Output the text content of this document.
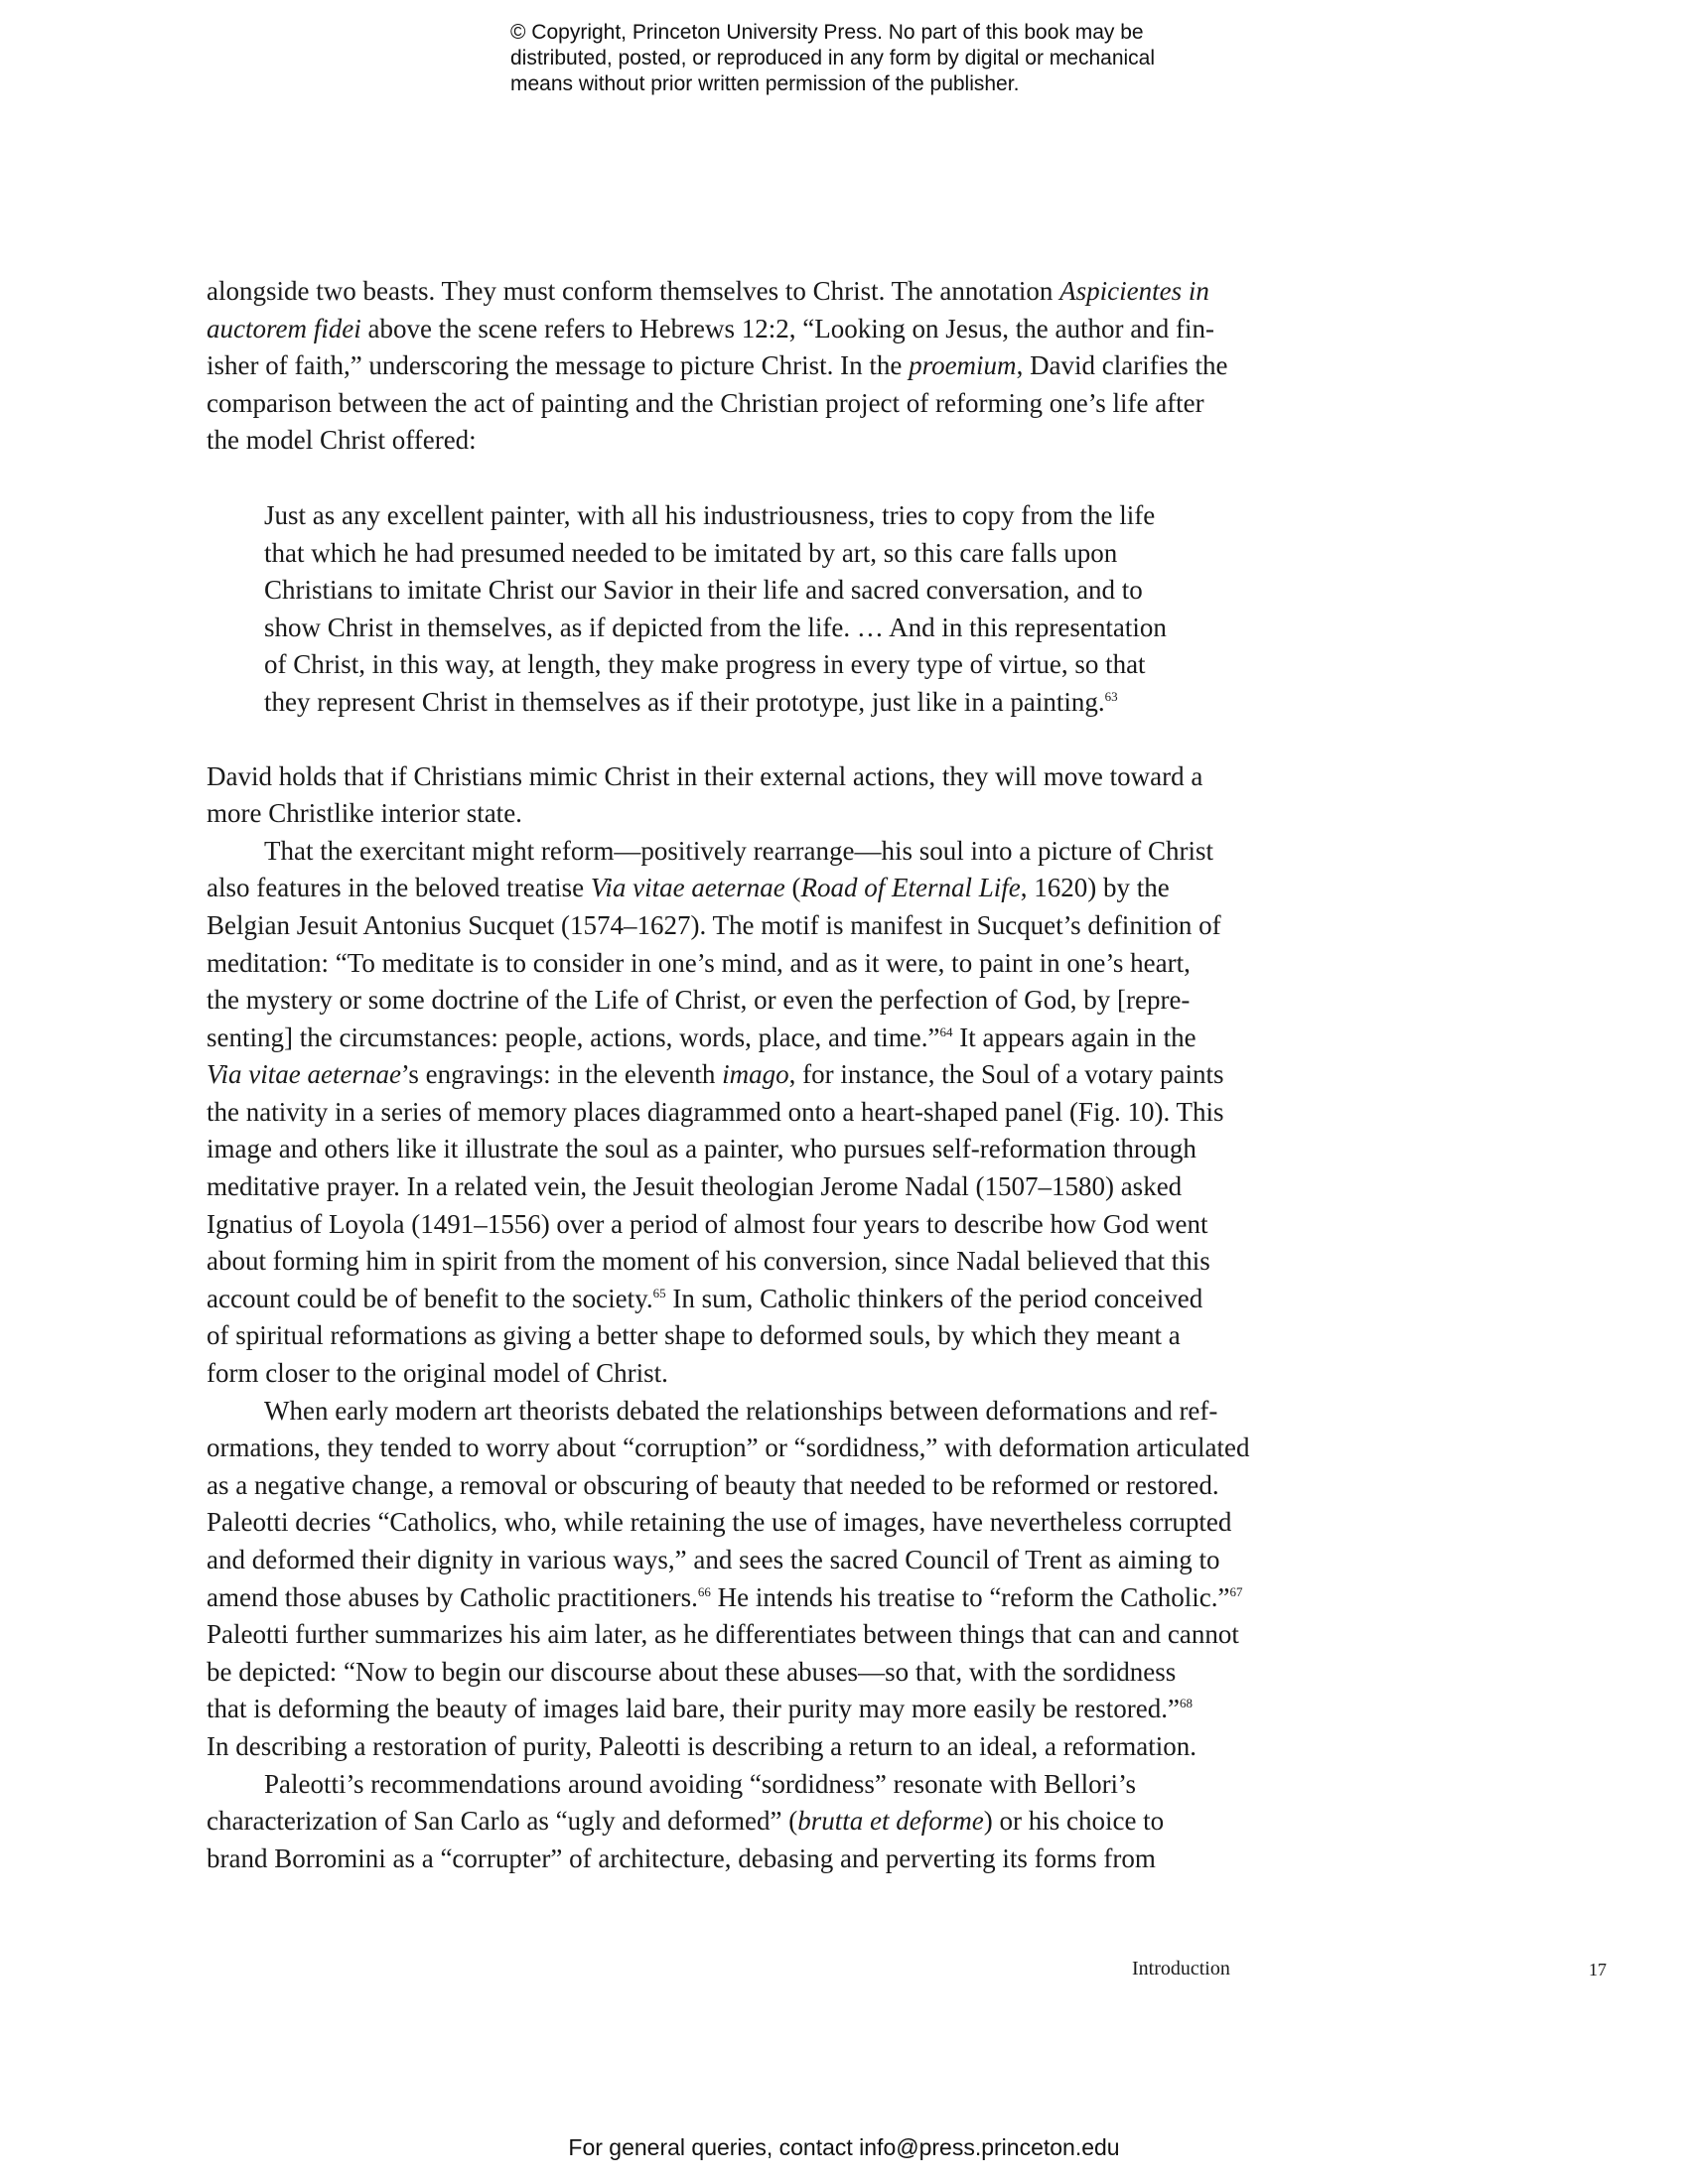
© Copyright, Princeton University Press. No part of this book may be
distributed, posted, or reproduced in any form by digital or mechanical
means without prior written permission of the publisher.
alongside two beasts. They must conform themselves to Christ. The annotation Aspicientes in
auctorem fidei above the scene refers to Hebrews 12:2, “Looking on Jesus, the author and fin-
isher of faith,” underscoring the message to picture Christ. In the proemium, David clarifies the
comparison between the act of painting and the Christian project of reforming one’s life after
the model Christ offered:
Just as any excellent painter, with all his industriousness, tries to copy from the life
that which he had presumed needed to be imitated by art, so this care falls upon
Christians to imitate Christ our Savior in their life and sacred conversation, and to
show Christ in themselves, as if depicted from the life. … And in this representation
of Christ, in this way, at length, they make progress in every type of virtue, so that
they represent Christ in themselves as if their prototype, just like in a painting.$^{63}$
David holds that if Christians mimic Christ in their external actions, they will move toward a
more Christlike interior state.
That the exercitant might reform—positively rearrange—his soul into a picture of Christ
also features in the beloved treatise Via vitae aeternae (Road of Eternal Life, 1620) by the
Belgian Jesuit Antonius Sucquet (1574–1627). The motif is manifest in Sucquet’s definition of
meditation: “To meditate is to consider in one’s mind, and as it were, to paint in one’s heart,
the mystery or some doctrine of the Life of Christ, or even the perfection of God, by [repre-
senting] the circumstances: people, actions, words, place, and time.”$^{64}$ It appears again in the
Via vitae aeternae’s engravings: in the eleventh imago, for instance, the Soul of a votary paints
the nativity in a series of memory places diagrammed onto a heart-shaped panel (Fig. 10). This
image and others like it illustrate the soul as a painter, who pursues self-reformation through
meditative prayer. In a related vein, the Jesuit theologian Jerome Nadal (1507–1580) asked
Ignatius of Loyola (1491–1556) over a period of almost four years to describe how God went
about forming him in spirit from the moment of his conversion, since Nadal believed that this
account could be of benefit to the society.$^{65}$ In sum, Catholic thinkers of the period conceived
of spiritual reformations as giving a better shape to deformed souls, by which they meant a
form closer to the original model of Christ.
When early modern art theorists debated the relationships between deformations and ref-
ormations, they tended to worry about “corruption” or “sordidness,” with deformation articulated
as a negative change, a removal or obscuring of beauty that needed to be reformed or restored.
Paleotti decries “Catholics, who, while retaining the use of images, have nevertheless corrupted
and deformed their dignity in various ways,” and sees the sacred Council of Trent as aiming to
amend those abuses by Catholic practitioners.$^{66}$ He intends his treatise to “reform the Catholic.”$^{67}$
Paleotti further summarizes his aim later, as he differentiates between things that can and cannot
be depicted: “Now to begin our discourse about these abuses—so that, with the sordidness
that is deforming the beauty of images laid bare, their purity may more easily be restored.”$^{68}$
In describing a restoration of purity, Paleotti is describing a return to an ideal, a reformation.
Paleotti’s recommendations around avoiding “sordidness” resonate with Bellori’s
characterization of San Carlo as “ugly and deformed” (brutta et deforme) or his choice to
brand Borromini as a “corrupter” of architecture, debasing and perverting its forms from
Introduction	17
For general queries, contact info@press.princeton.edu
